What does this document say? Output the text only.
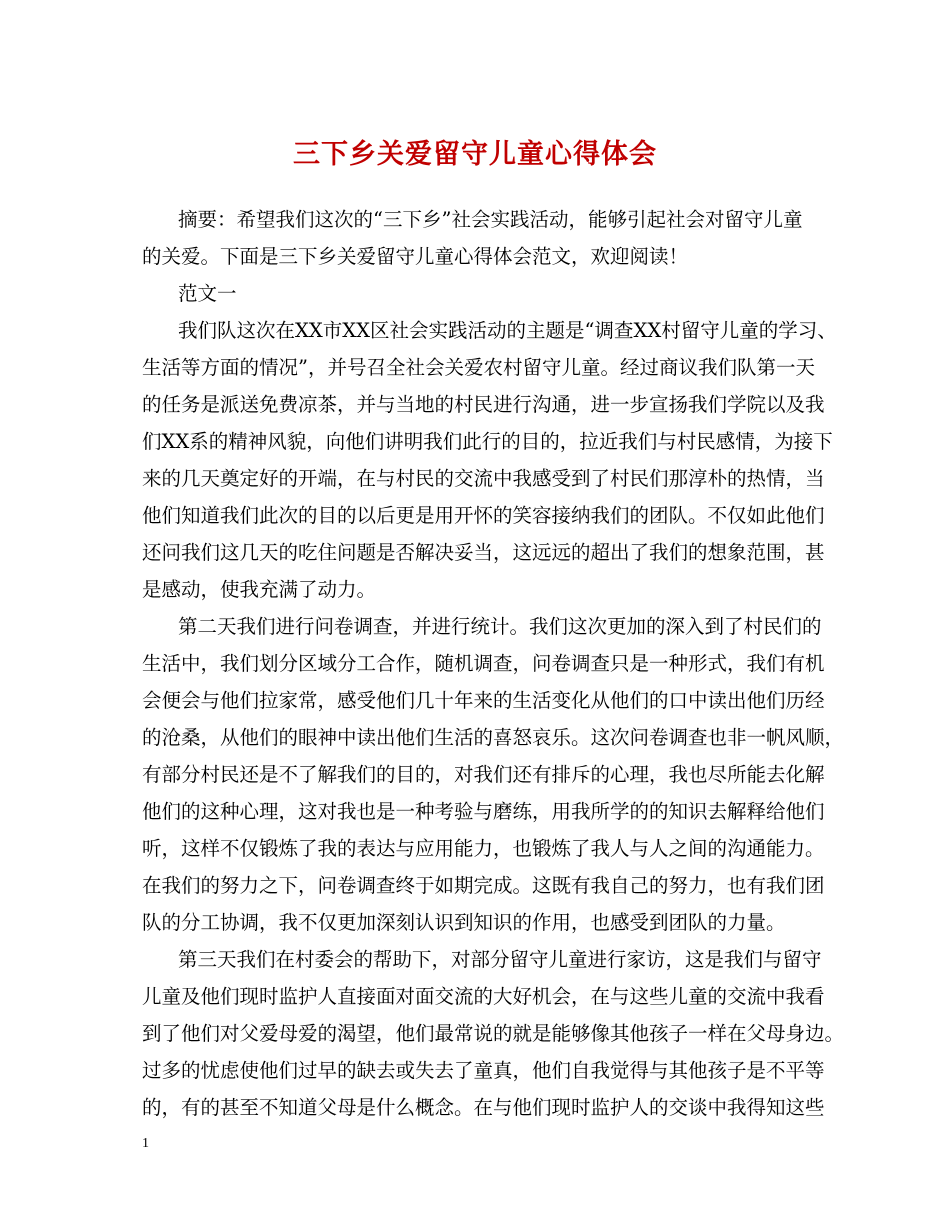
三下乡关爱留守儿童心得体会
摘要：希望我们这次的“三下乡”社会实践活动，能够引起社会对留守儿童
的关爱。下面是三下乡关爱留守儿童心得体会范文，欢迎阅读！
范文一
我们队这次在XX市XX区社会实践活动的主题是“调查XX村留守儿童的学习、
生活等方面的情况”，并号召全社会关爱农村留守儿童。经过商议我们队第一天
的任务是派送免费凉茶，并与当地的村民进行沟通，进一步宣扬我们学院以及我
们XX系的精神风貌，向他们讲明我们此行的目的，拉近我们与村民感情，为接下
来的几天奠定好的开端，在与村民的交流中我感受到了村民们那淳朴的热情，当
他们知道我们此次的目的以后更是用开怀的笑容接纳我们的团队。不仅如此他们
还问我们这几天的吃住问题是否解决妥当，这远远的超出了我们的想象范围，甚
是感动，使我充满了动力。
第二天我们进行问卷调查，并进行统计。我们这次更加的深入到了村民们的
生活中，我们划分区域分工合作，随机调查，问卷调查只是一种形式，我们有机
会便会与他们拉家常，感受他们几十年来的生活变化从他们的口中读出他们历经
的沧桑，从他们的眼神中读出他们生活的喜怒哀乐。这次问卷调查也非一帆风顺，
有部分村民还是不了解我们的目的，对我们还有排斥的心理，我也尽所能去化解
他们的这种心理，这对我也是一种考验与磨练，用我所学的的知识去解释给他们
听，这样不仅锻炼了我的表达与应用能力，也锻炼了我人与人之间的沟通能力。
在我们的努力之下，问卷调查终于如期完成。这既有我自己的努力，也有我们团
队的分工协调，我不仅更加深刻认识到知识的作用，也感受到团队的力量。
第三天我们在村委会的帮助下，对部分留守儿童进行家访，这是我们与留守
儿童及他们现时监护人直接面对面交流的大好机会，在与这些儿童的交流中我看
到了他们对父爱母爱的渴望，他们最常说的就是能够像其他孩子一样在父母身边。
过多的忧虑使他们过早的缺去或失去了童真，他们自我觉得与其他孩子是不平等
的，有的甚至不知道父母是什么概念。在与他们现时监护人的交谈中我得知这些
1
